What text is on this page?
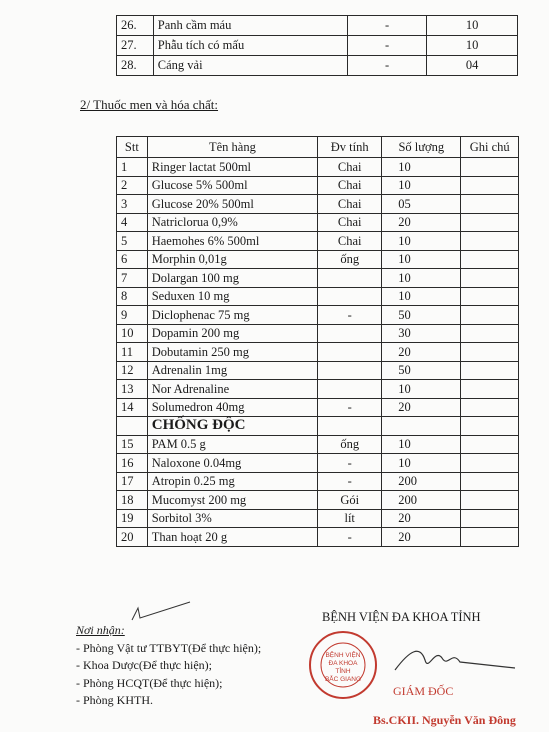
26.	Panh cầm máu	-	10
27.	Phẫu tích có mấu	-	10
28.	Cáng vải	-	04
2/ Thuốc men và hóa chất:
Stt	Tên hàng	Đv tính	Số lượng	Ghi chú
1	Ringer lactat 500ml	Chai	10	
2	Glucose 5% 500ml	Chai	10	
3	Glucose 20% 500ml	Chai	05	
4	Natriclorua 0,9%	Chai	20	
5	Haemohes 6% 500ml	Chai	10	
6	Morphin 0,01g	ống	10	
7	Dolargan 100 mg		10	
8	Seduxen 10 mg		10	
9	Diclophenac 75 mg	-	50	
10	Dopamin 200 mg		30	
11	Dobutamin 250 mg		20	
12	Adrenalin 1mg		50	
13	Nor Adrenaline		10	
14	Solumedron 40mg	-	20	
	CHỐNG ĐỘC			
15	PAM 0.5 g	ống	10	
16	Naloxone 0.04mg	-	10	
17	Atropin 0.25 mg	-	200	
18	Mucomyst 200 mg	Gói	200	
19	Sorbitol 3%	lít	20	
20	Than hoạt 20 g	-	20	
Nơi nhận:
- Phòng Vật tư TTBYT(Để thực hiện);
- Khoa Dược(Để thực hiện);
- Phòng HCQT(Để thực hiện);
- Phòng KHTH.
BỆNH VIỆN ĐA KHOA TỈNH
BỆNH VIỆN
ĐA KHOA
TỈNH
BẮC GIANG
GIÁM ĐỐC
Bs.CKII. Nguyễn Văn Đông
